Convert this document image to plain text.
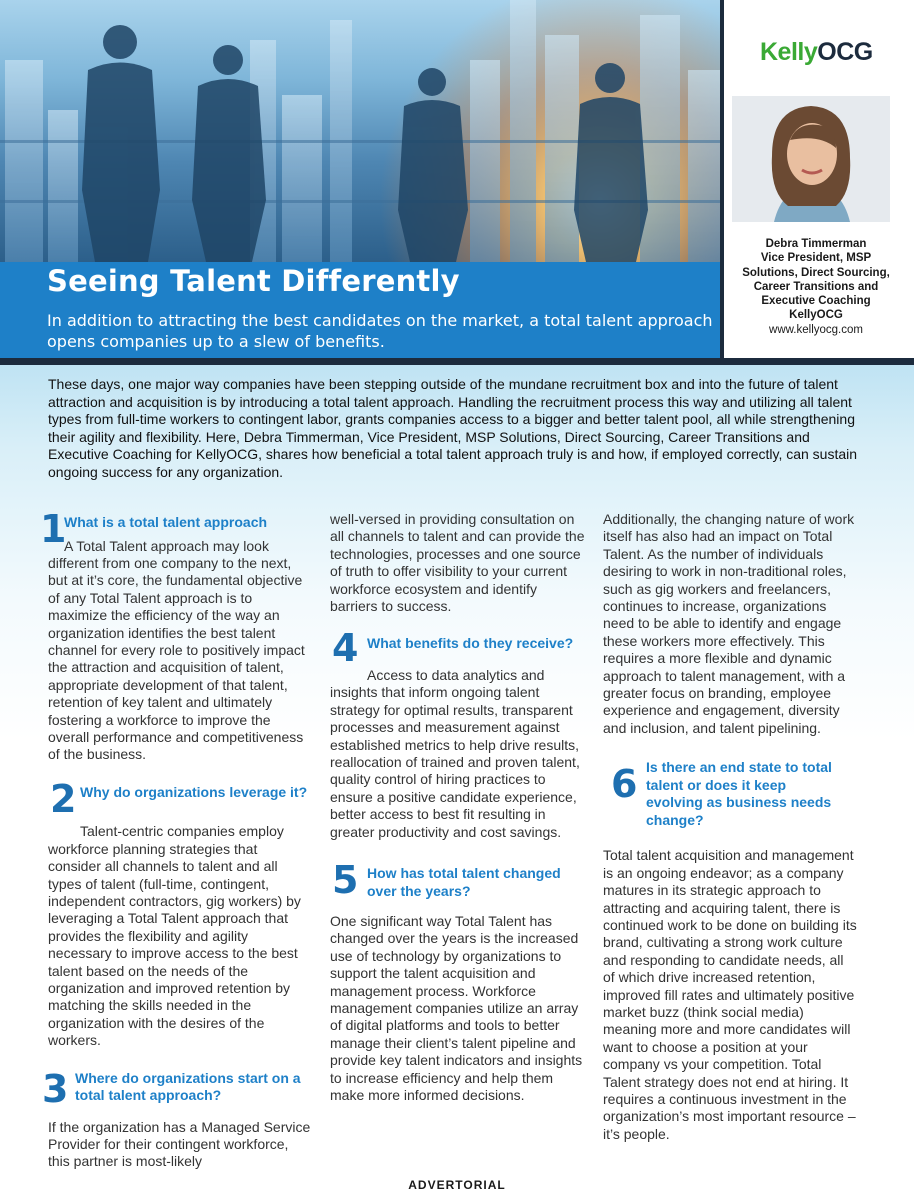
Seeing Talent Differently

In addition to attracting the best candidates on the market, a total talent approach opens companies up to a slew of benefits.

KellyOCG
Debra Timmerman
Vice President, MSP
Solutions, Direct Sourcing,
Career Transitions and
Executive Coaching
KellyOCG
www.kellyocg.com

These days, one major way companies have been stepping outside of the mundane recruitment box and into the future of talent attraction and acquisition is by introducing a total talent approach. Handling the recruitment process this way and utilizing all talent types from full-time workers to contingent labor, grants companies access to a bigger and better talent pool, all while strengthening their agility and flexibility. Here, Debra Timmerman, Vice President, MSP Solutions, Direct Sourcing, Career Transitions and Executive Coaching for KellyOCG, shares how beneficial a total talent approach truly is and how, if employed correctly, can sustain ongoing success for any organization.

1
What is a total talent approach

A Total Talent approach may look different from one company to the next, but at it’s core, the fundamental objective of any Total Talent approach is to maximize the efficiency of the way an organization identifies the best talent channel for every role to positively impact the attraction and acquisition of talent, appropriate development of that talent, retention of key talent and ultimately fostering a workforce to improve the overall performance and competitiveness of the business.

2 Why do organizations leverage it?

Talent-centric companies employ workforce planning strategies that consider all channels to talent and all types of talent (full-time, contingent, independent contractors, gig workers) by leveraging a Total Talent approach that provides the flexibility and agility necessary to improve access to the best talent based on the needs of the organization and improved retention by matching the skills needed in the organization with the desires of the workers.

3 Where do organizations start on a total talent approach?

If the organization has a Managed Service Provider for their contingent workforce, this partner is most-likely

well-versed in providing consultation on all channels to talent and can provide the technologies, processes and one source of truth to offer visibility to your current workforce ecosystem and identify barriers to success.

4 What benefits do they receive?

Access to data analytics and insights that inform ongoing talent strategy for optimal results, transparent processes and measurement against established metrics to help drive results, reallocation of trained and proven talent, quality control of hiring practices to ensure a positive candidate experience, better access to best fit resulting in greater productivity and cost savings.

5 How has total talent changed over the years?

One significant way Total Talent has changed over the years is the increased use of technology by organizations to support the talent acquisition and management process. Workforce management companies utilize an array of digital platforms and tools to better manage their client’s talent pipeline and provide key talent indicators and insights to increase efficiency and help them make more informed decisions.

Additionally, the changing nature of work itself has also had an impact on Total Talent. As the number of individuals desiring to work in non-traditional roles, such as gig workers and freelancers, continues to increase, organizations need to be able to identify and engage these workers more effectively. This requires a more flexible and dynamic approach to talent management, with a greater focus on branding, employee experience and engagement, diversity and inclusion, and talent pipelining.

6 Is there an end state to total talent or does it keep evolving as business needs change?

Total talent acquisition and management is an ongoing endeavor; as a company matures in its strategic approach to attracting and acquiring talent, there is continued work to be done on building its brand, cultivating a strong work culture and responding to candidate needs, all of which drive increased retention, improved fill rates and ultimately positive market buzz (think social media) meaning more and more candidates will want to choose a position at your company vs your competition. Total Talent strategy does not end at hiring. It requires a continuous investment in the organization’s most important resource – it’s people.

ADVERTORIAL
